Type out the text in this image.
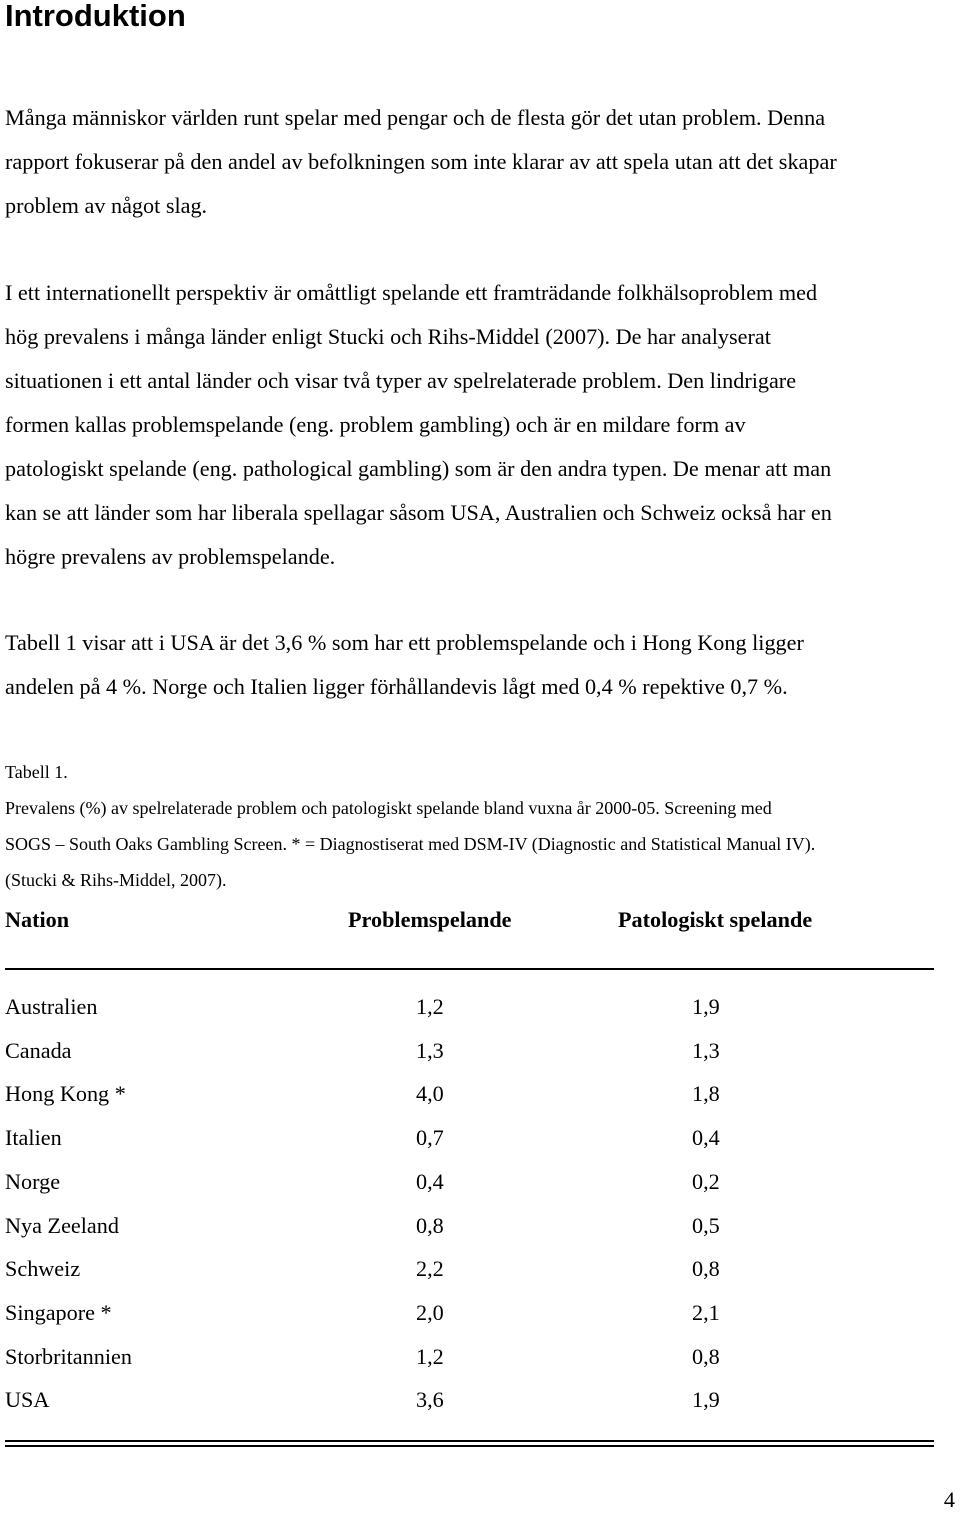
Introduktion

Många människor världen runt spelar med pengar och de flesta gör det utan problem. Denna
rapport fokuserar på den andel av befolkningen som inte klarar av att spela utan att det skapar
problem av något slag.

I ett internationellt perspektiv är omåttligt spelande ett framträdande folkhälsoproblem med
hög prevalens i många länder enligt Stucki och Rihs-Middel (2007). De har analyserat
situationen i ett antal länder och visar två typer av spelrelaterade problem. Den lindrigare
formen kallas problemspelande (eng. problem gambling) och är en mildare form av
patologiskt spelande (eng. pathological gambling) som är den andra typen. De menar att man
kan se att länder som har liberala spellagar såsom USA, Australien och Schweiz också har en
högre prevalens av problemspelande.

Tabell 1 visar att i USA är det 3,6 % som har ett problemspelande och i Hong Kong ligger
andelen på 4 %. Norge och Italien ligger förhållandevis lågt med 0,4 % repektive 0,7 %.

Tabell 1.
Prevalens (%) av spelrelaterade problem och patologiskt spelande bland vuxna år 2000-05. Screening med
SOGS – South Oaks Gambling Screen. * = Diagnostiserat med DSM-IV (Diagnostic and Statistical Manual IV).
(Stucki & Rihs-Middel, 2007).

Nation	Problemspelande	Patologiskt spelande

Australien	1,2	1,9
Canada	1,3	1,3
Hong Kong *	4,0	1,8
Italien	0,7	0,4
Norge	0,4	0,2
Nya Zeeland	0,8	0,5
Schweiz	2,2	0,8
Singapore *	2,0	2,1
Storbritannien	1,2	0,8
USA	3,6	1,9
4
